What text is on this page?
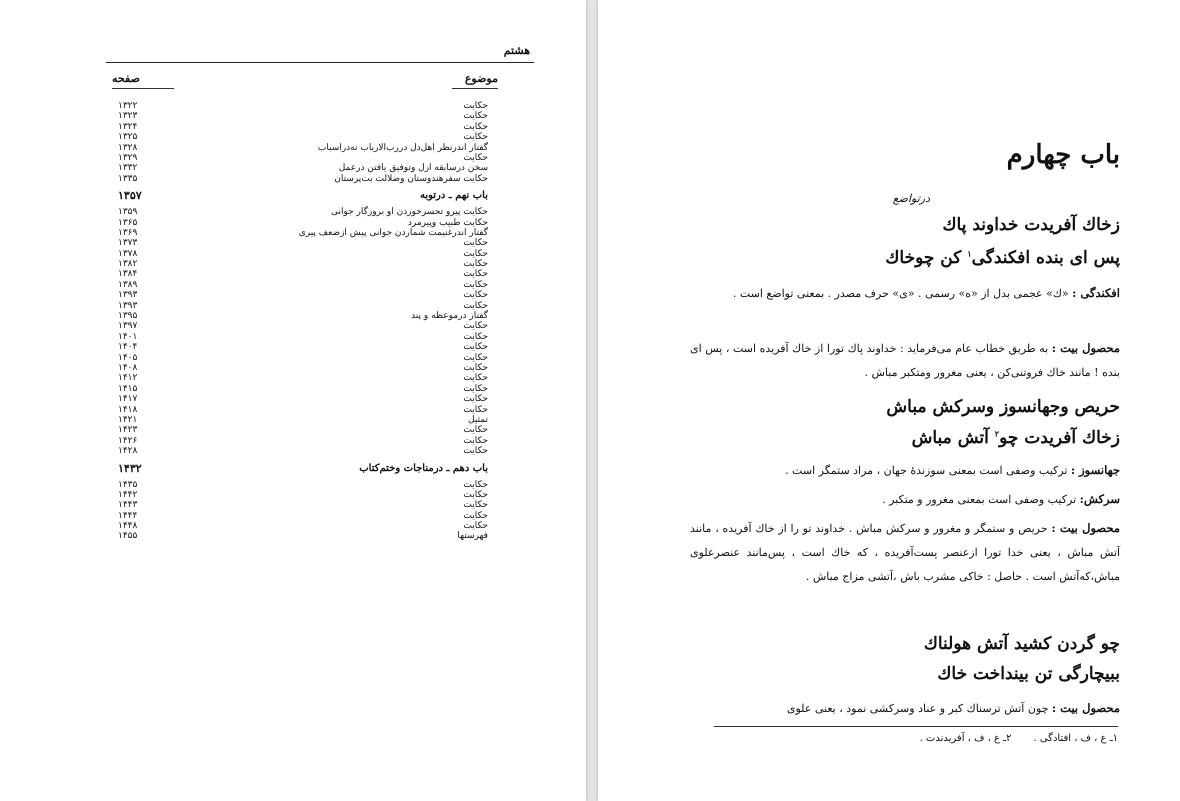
هشتم
موضوع
صفحه
حکایت
۱۳۲۲
حکایت
۱۳۲۳
حکایت
۱۳۲۴
حکایت
۱۳۲۵
گفتار اندرنظر اهل‌دل دررب‌الارباب نه‌دراسباب
۱۳۲۸
حکایت
۱۳۲۹
سخن درسابقه ازل وتوفیق یافتن درعمل
۱۳۳۲
حکایت سفرهندوستان وضلالت بت‌پرستان
۱۳۳۵
باب نهم ـ درتوبه
۱۳۵۷
حکایت پیرو تحسرخوردن او بروزگار جوانی
۱۳۵۹
حکایت طبیب وپیرمرد
۱۳۶۵
گفتار اندرغنیمت شماردن جوانی پیش ازضعف پیری
۱۳۶۹
حکایت
۱۳۷۳
حکایت
۱۳۷۸
حکایت
۱۳۸۲
حکایت
۱۳۸۴
حکایت
۱۳۸۹
حکایت
۱۳۹۳
حکایت
۱۳۹۳
گفتار درموعظه و پند
۱۳۹۵
حکایت
۱۳۹۷
حکایت
۱۴۰۱
حکایت
۱۴۰۴
حکایت
۱۴۰۵
حکایت
۱۴۰۸
حکایت
۱۴۱۲
حکایت
۱۴۱۵
حکایت
۱۴۱۷
حکایت
۱۴۱۸
تمثیل
۱۴۲۱
حکایت
۱۴۲۳
حکایت
۱۴۲۶
حکایت
۱۴۲۸
باب دهم ـ درمناجات وختم‌کتاب
۱۴۳۲
حکایت
۱۴۳۵
حکایت
۱۴۴۲
حکایت
۱۴۴۳
حکایت
۱۴۴۴
حکایت
۱۴۴۸
فهرستها
۱۴۵۵
باب چهارم
درتواضع
زخاك آفریدت خداوند پاك
پس ای بنده افکندگی$^۱$ کن چوخاك
افکندگی : «ك» عجمی بدل از «ه» رسمی . «ی» حرف مصدر . بمعنی تواضع است .
محصول بیت : به طریق خطاب عام می‌فرماید : خداوند پاك تورا از خاك آفریده است ، پس ای بنده ! مانند خاك فروتنی‌کن ، یعنی مغرور ومتکبر مباش .
حریص وجهانسوز وسرکش مباش
زخاك آفریدت چو$^۲$ آتش مباش
جهانسوز : ترکیب وصفی است بمعنی سوزندهٔ جهان ، مراد ستمگر است .
سرکش: ترکیب وصفی است بمعنی مغرور و متکبر .
محصول بیت : حریص و ستمگر و مغرور و سرکش مباش . خداوند تو را از خاك آفریده ، مانند آتش مباش ، یعنی خدا تورا ازعنصر پست‌آفریده ، که خاك است ، پس‌مانند عنصرعلوی مباش،که‌آتش است . حاصل : خاکی مشرب باش ،آتشی مزاج مباش .
چو گردن کشید آتش هولناك
ببیچارگی تن بینداخت خاك
محصول بیت : چون آتش ترسناك کبر و عناد وسرکشی نمود ، یعنی علوی
۱ـ ع ، ف ، افتادگی .۲ـ ع ، ف ، آفریدندت .
